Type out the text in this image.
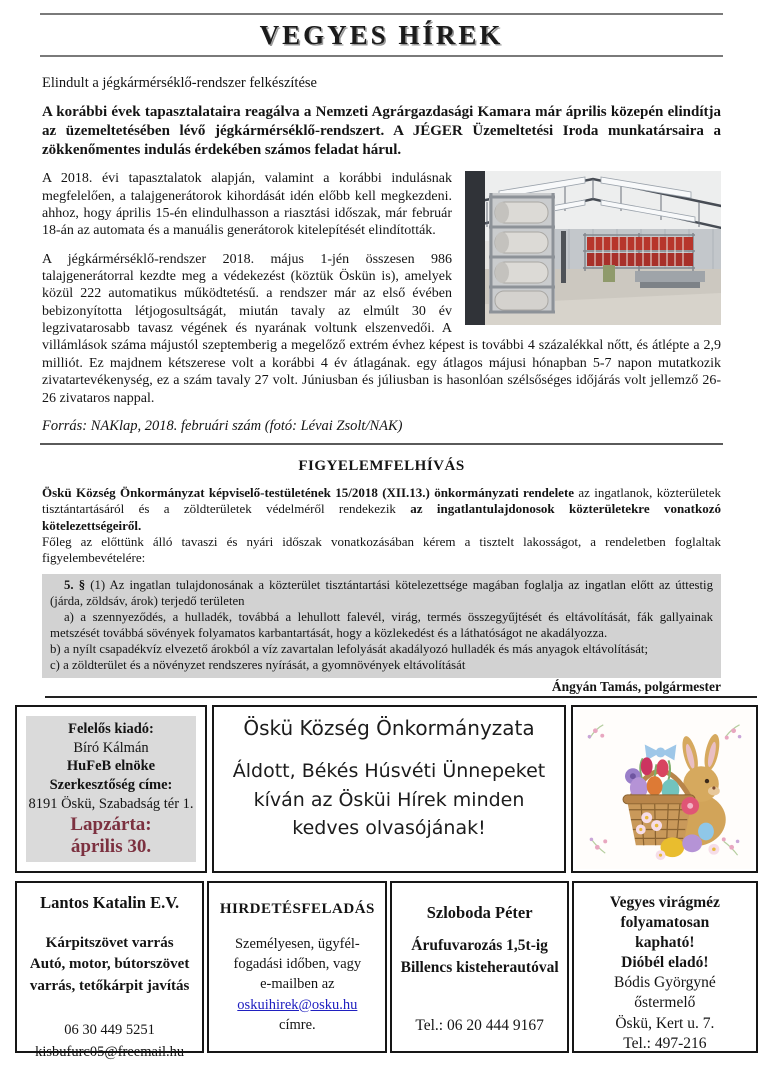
VEGYES HÍREK

Elindult a jégkármérséklő-rendszer felkészítése

A korábbi évek tapasztalataira reagálva a Nemzeti Agrárgazdasági Kamara már április közepén elindítja az üzemeltetésében lévő jégkármérséklő-rendszert. A JÉGER Üzemeltetési Iroda munkatársaira a zökkenőmentes indulás érdekében számos feladat hárul.

A 2018. évi tapasztalatok alapján, valamint a korábbi indulásnak megfelelően, a talajgenerátorok kihordását idén előbb kell megkezdeni. ahhoz, hogy április 15-én elindulhasson a riasztási időszak, már február 18-án az automata és a manuális generátorok kitelepítését elindították.

A jégkármérséklő-rendszer 2018. május 1-jén összesen 986 talajgenerátorral kezdte meg a védekezést (köztük Öskün is), amelyek közül 222 automatikus működtetésű. a rendszer már az első évében bebizonyította létjogosultságát, miután tavaly az elmúlt 30 év legzivatarosabb tavasz végének és nyarának voltunk elszenvedői. A villámlások száma májustól szeptemberig a megelőző extrém évhez képest is további 4 százalékkal nőtt, és átlépte a 2,9 milliót. Ez majdnem kétszerese volt a korábbi 4 év átlagának. egy átlagos májusi hónapban 5-7 napon mutatkozik zivatartevékenység, ez a szám tavaly 27 volt. Júniusban és júliusban is hasonlóan szélsőséges időjárás volt jellemző 26-26 zivataros nappal.

Forrás: NAKlap, 2018. februári szám (fotó: Lévai Zsolt/NAK)

FIGYELEMFELHÍVÁS

Öskü Község Önkormányzat képviselő-testületének 15/2018 (XII.13.) önkormányzati rendelete az ingatlanok, közterületek tisztántartásáról és a zöldterületek védelméről rendekezik az ingatlantulajdonosok közterületekre vonatkozó kötelezettségeiről.

Főleg az előttünk álló tavaszi és nyári időszak vonatkozásában kérem a tisztelt lakosságot, a rendeletben foglaltak figyelembevételére:

5. § (1) Az ingatlan tulajdonosának a közterület tisztántartási kötelezettsége magában foglalja az ingatlan előtt az úttestig (járda, zöldsáv, árok) terjedő területen

a) a szennyeződés, a hulladék, továbbá a lehullott falevél, virág, termés összegyűjtését és eltávolítását, fák gallyainak metszését továbbá sövények folyamatos karbantartását, hogy a közlekedést és a láthatóságot ne akadályozza.

b) a nyílt csapadékvíz elvezető árokból a víz zavartalan lefolyását akadályozó hulladék és más anyagok eltávolítását;

c) a zöldterület és a növényzet rendszeres nyírását, a gyomnövények eltávolítását

Ángyán Tamás, polgármester

Felelős kiadó:
Bíró Kálmán
HuFeB elnöke
Szerkesztőség címe:
8191 Öskü, Szabadság tér 1.
Lapzárta:
április 30.
Öskü Község Önkormányzata
Áldott, Békés Húsvéti Ünnepeket
kíván az Ösküi Hírek minden
kedves olvasójának!
Lantos Katalin E.V.
Kárpitszövet varrás
Autó, motor, bútorszövet
varrás, tetőkárpit javítás
06 30 449 5251
kisbufurc05@freemail.hu
HIRDETÉSFELADÁS
Személyesen, ügyfél-
fogadási időben, vagy
e-mailben az
oskuihirek@osku.hu
címre.
Szloboda Péter
Árufuvarozás 1,5t-ig
Billencs kisteherautóval
Tel.: 06 20 444 9167
Vegyes virágméz
folyamatosan
kapható!
Dióbél eladó!
Bódis Györgyné
őstermelő
Öskü, Kert u. 7.
Tel.: 497-216
